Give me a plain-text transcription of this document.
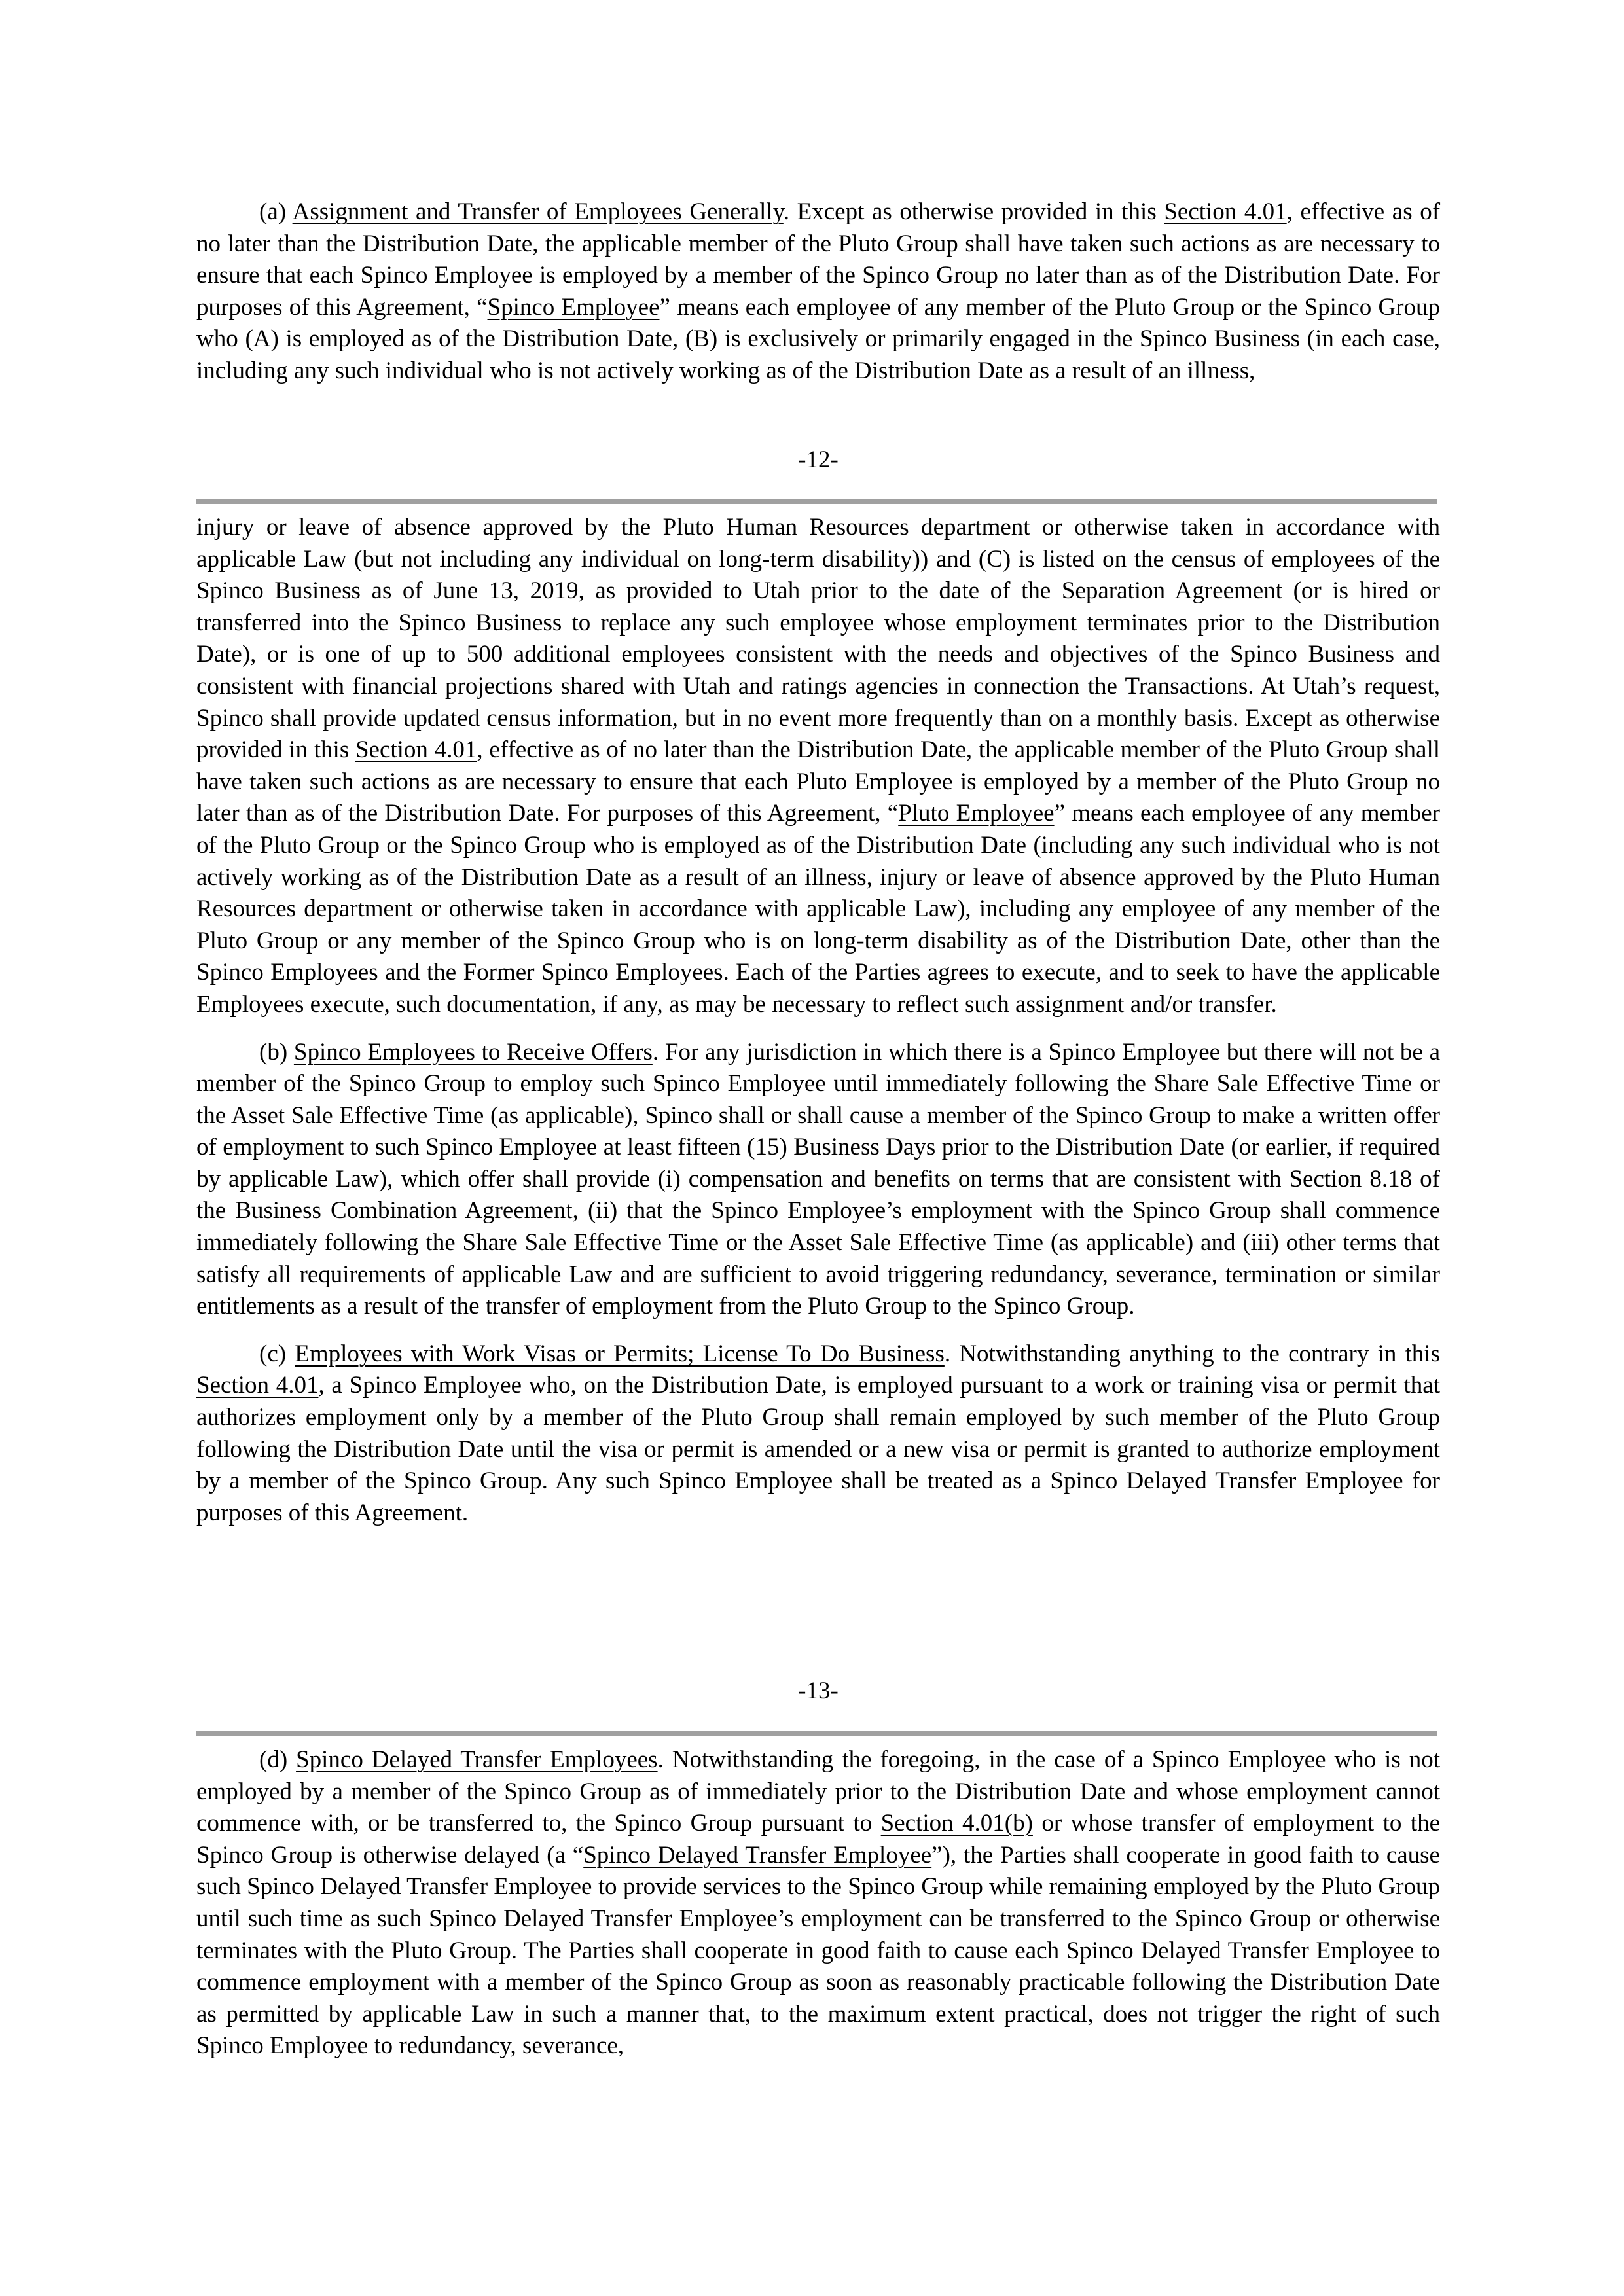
(a) Assignment and Transfer of Employees Generally. Except as otherwise provided in this Section 4.01, effective as of no later than the Distribution Date, the applicable member of the Pluto Group shall have taken such actions as are necessary to ensure that each Spinco Employee is employed by a member of the Spinco Group no later than as of the Distribution Date. For purposes of this Agreement, “Spinco Employee” means each employee of any member of the Pluto Group or the Spinco Group who (A) is employed as of the Distribution Date, (B) is exclusively or primarily engaged in the Spinco Business (in each case, including any such individual who is not actively working as of the Distribution Date as a result of an illness,

-12-

injury or leave of absence approved by the Pluto Human Resources department or otherwise taken in accordance with applicable Law (but not including any individual on long-term disability)) and (C) is listed on the census of employees of the Spinco Business as of June 13, 2019, as provided to Utah prior to the date of the Separation Agreement (or is hired or transferred into the Spinco Business to replace any such employee whose employment terminates prior to the Distribution Date), or is one of up to 500 additional employees consistent with the needs and objectives of the Spinco Business and consistent with financial projections shared with Utah and ratings agencies in connection the Transactions. At Utah’s request, Spinco shall provide updated census information, but in no event more frequently than on a monthly basis. Except as otherwise provided in this Section 4.01, effective as of no later than the Distribution Date, the applicable member of the Pluto Group shall have taken such actions as are necessary to ensure that each Pluto Employee is employed by a member of the Pluto Group no later than as of the Distribution Date. For purposes of this Agreement, “Pluto Employee” means each employee of any member of the Pluto Group or the Spinco Group who is employed as of the Distribution Date (including any such individual who is not actively working as of the Distribution Date as a result of an illness, injury or leave of absence approved by the Pluto Human Resources department or otherwise taken in accordance with applicable Law), including any employee of any member of the Pluto Group or any member of the Spinco Group who is on long-term disability as of the Distribution Date, other than the Spinco Employees and the Former Spinco Employees. Each of the Parties agrees to execute, and to seek to have the applicable Employees execute, such documentation, if any, as may be necessary to reflect such assignment and/or transfer.

(b) Spinco Employees to Receive Offers. For any jurisdiction in which there is a Spinco Employee but there will not be a member of the Spinco Group to employ such Spinco Employee until immediately following the Share Sale Effective Time or the Asset Sale Effective Time (as applicable), Spinco shall or shall cause a member of the Spinco Group to make a written offer of employment to such Spinco Employee at least fifteen (15) Business Days prior to the Distribution Date (or earlier, if required by applicable Law), which offer shall provide (i) compensation and benefits on terms that are consistent with Section 8.18 of the Business Combination Agreement, (ii) that the Spinco Employee’s employment with the Spinco Group shall commence immediately following the Share Sale Effective Time or the Asset Sale Effective Time (as applicable) and (iii) other terms that satisfy all requirements of applicable Law and are sufficient to avoid triggering redundancy, severance, termination or similar entitlements as a result of the transfer of employment from the Pluto Group to the Spinco Group.

(c) Employees with Work Visas or Permits; License To Do Business. Notwithstanding anything to the contrary in this Section 4.01, a Spinco Employee who, on the Distribution Date, is employed pursuant to a work or training visa or permit that authorizes employment only by a member of the Pluto Group shall remain employed by such member of the Pluto Group following the Distribution Date until the visa or permit is amended or a new visa or permit is granted to authorize employment by a member of the Spinco Group. Any such Spinco Employee shall be treated as a Spinco Delayed Transfer Employee for purposes of this Agreement.

-13-

(d) Spinco Delayed Transfer Employees. Notwithstanding the foregoing, in the case of a Spinco Employee who is not employed by a member of the Spinco Group as of immediately prior to the Distribution Date and whose employment cannot commence with, or be transferred to, the Spinco Group pursuant to Section 4.01(b) or whose transfer of employment to the Spinco Group is otherwise delayed (a “Spinco Delayed Transfer Employee”), the Parties shall cooperate in good faith to cause such Spinco Delayed Transfer Employee to provide services to the Spinco Group while remaining employed by the Pluto Group until such time as such Spinco Delayed Transfer Employee’s employment can be transferred to the Spinco Group or otherwise terminates with the Pluto Group. The Parties shall cooperate in good faith to cause each Spinco Delayed Transfer Employee to commence employment with a member of the Spinco Group as soon as reasonably practicable following the Distribution Date as permitted by applicable Law in such a manner that, to the maximum extent practical, does not trigger the right of such Spinco Employee to redundancy, severance,
